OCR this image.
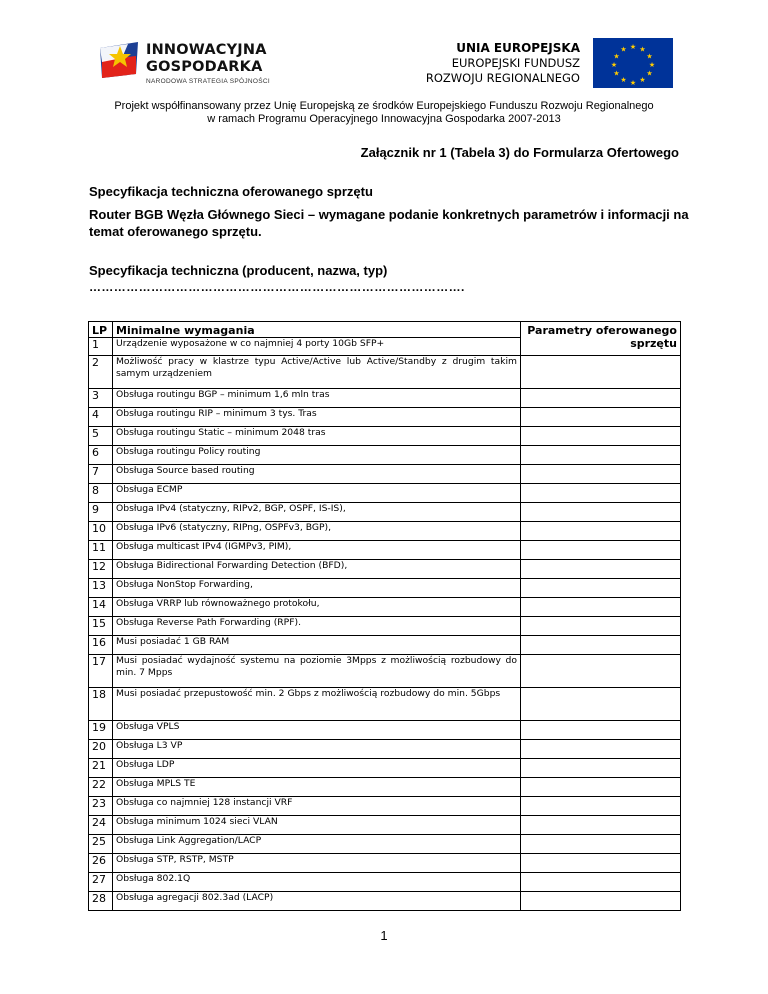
INNOWACYJNA
GOSPODARKA
NARODOWA STRATEGIA SPÓJNOŚCI
UNIA EUROPEJSKA
EUROPEJSKI FUNDUSZ
ROZWOJU REGIONALNEGO
★ ★
★
★
★
★
★
★
★
★
★
★
Projekt współfinansowany przez Unię Europejską ze środków Europejskiego Funduszu Rozwoju Regionalnego
w ramach Programu Operacyjnego Innowacyjna Gospodarka 2007-2013
Załącznik nr 1 (Tabela 3) do Formularza Ofertowego
Specyfikacja techniczna oferowanego sprzętu
Router BGB Węzła Głównego Sieci – wymagane podanie konkretnych parametrów i informacji na temat oferowanego sprzętu.
Specyfikacja techniczna (producent, nazwa, typ)
……………………………………………………………………………….
LP	Minimalne wymagania	Parametry oferowanego sprzętu
1	Urządzenie wyposażone w co najmniej 4 porty 10Gb SFP+	
2	Możliwość pracy w klastrze typu Active/Active lub Active/Standby z drugim takim samym urządzeniem	
3	Obsługa routingu BGP – minimum 1,6 mln tras	
4	Obsługa routingu RIP – minimum 3 tys. Tras	
5	Obsługa routingu Static – minimum 2048 tras	
6	Obsługa routingu Policy routing	
7	Obsługa Source based routing	
8	Obsługa ECMP	
9	Obsługa IPv4 (statyczny, RIPv2, BGP, OSPF, IS-IS),	
10	Obsługa IPv6 (statyczny, RIPng, OSPFv3, BGP),	
11	Obsługa multicast IPv4 (IGMPv3, PIM),	
12	Obsługa Bidirectional Forwarding Detection (BFD),	
13	Obsługa NonStop Forwarding,	
14	Obsługa VRRP lub równoważnego protokołu,	
15	Obsługa Reverse Path Forwarding (RPF).	
16	Musi posiadać 1 GB RAM	
17	Musi posiadać wydajność systemu na poziomie 3Mpps z możliwością rozbudowy do min. 7 Mpps	
18	Musi posiadać przepustowość min. 2 Gbps z możliwością rozbudowy do min. 5Gbps	
19	Obsługa VPLS	
20	Obsługa L3 VP	
21	Obsługa LDP	
22	Obsługa MPLS TE	
23	Obsługa co najmniej 128 instancji VRF	
24	Obsługa minimum 1024 sieci VLAN	
25	Obsługa Link Aggregation/LACP	
26	Obsługa STP, RSTP, MSTP	
27	Obsługa 802.1Q	
28	Obsługa agregacji 802.3ad (LACP)	
1
